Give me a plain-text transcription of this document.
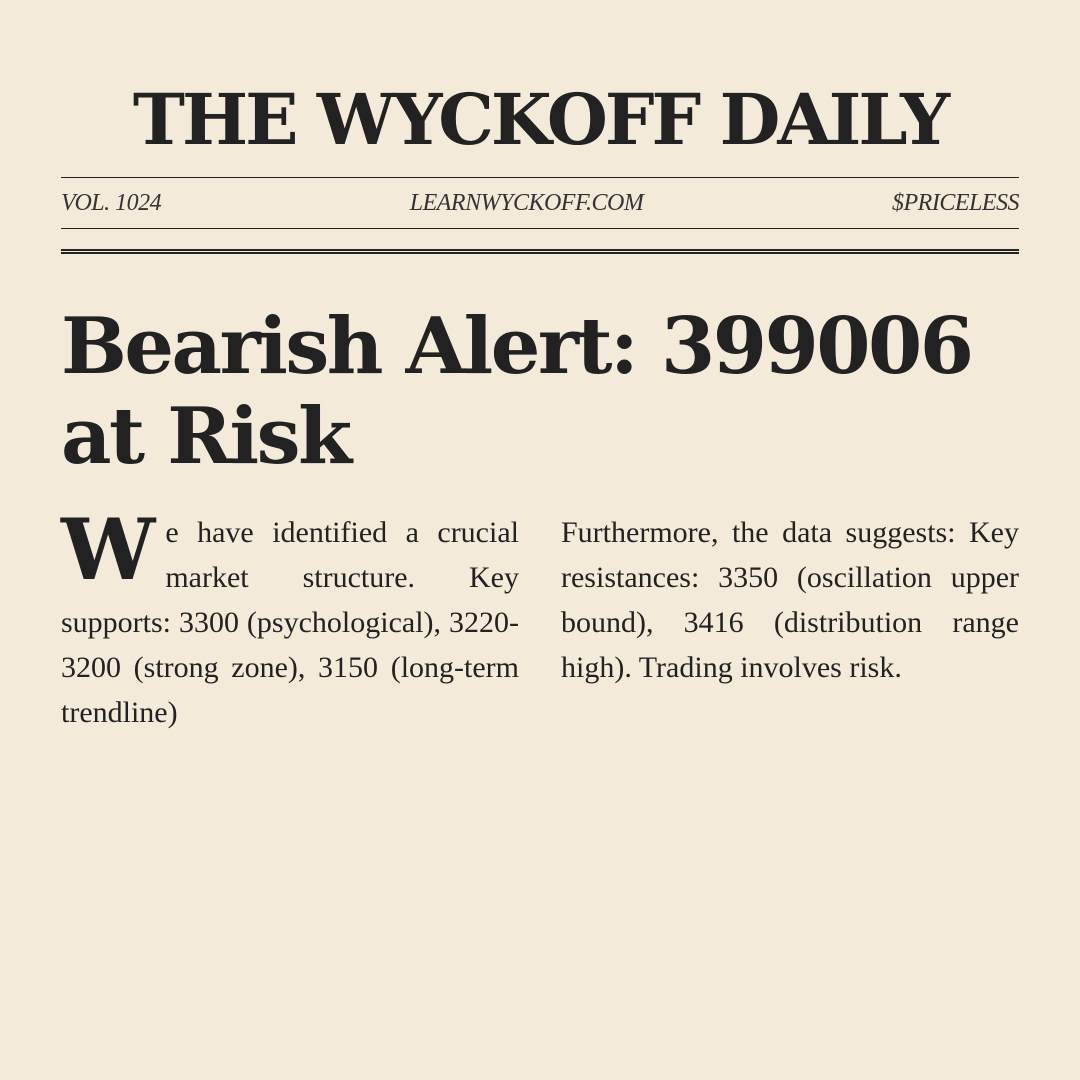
THE WYCKOFF DAILY
VOL. 1024	LEARNWYCKOFF.COM	$PRICELESS
Bearish Alert: 399006 at Risk
We have identified a crucial market structure. Key supports: 3300 (psychological), 3220-3200 (strong zone), 3150 (long-term trendline)
Furthermore, the data suggests: Key resistances: 3350 (oscillation upper bound), 3416 (distribution range high). Trading involves risk.
